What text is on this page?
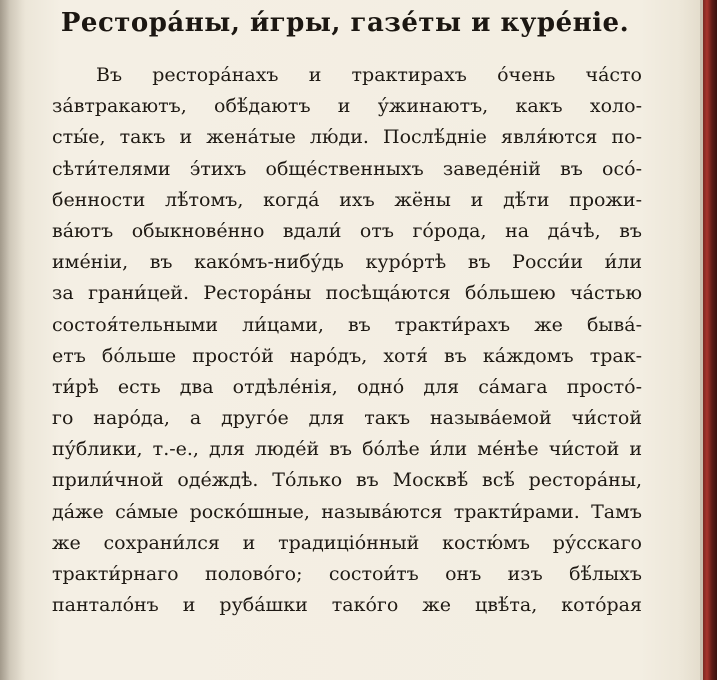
Рестора́ны, и́гры, газе́ты и куре́ніе.
Въ рестора́нахъ и трактирахъ о́чень ча́сто
за́втракаютъ, обѣ́даютъ и у́жинаютъ, какъ холо-
сты́е, такъ и жена́тые лю́ди. Послѣ́дніе явля́ются по-
сѣти́телями э́тихъ обще́ственныхъ заведе́ній въ осо́-
бенности лѣ́томъ, когда́ ихъ жёны и дѣ́ти прожи-
ва́ютъ обыкнове́нно вдали́ отъ го́рода, на да́чѣ, въ
име́ніи, въ како́мъ-нибу́дь куро́ртѣ въ Росси́и и́ли
за грани́цей. Рестора́ны посѣща́ются бо́льшею ча́стью
состоя́тельными ли́цами, въ тракти́рахъ же быва́-
етъ бо́льше просто́й наро́дъ, хотя́ въ ка́ждомъ трак-
ти́рѣ есть два отдѣле́нія, одно́ для са́мага просто́-
го наро́да, а друго́е для такъ называ́емой чи́стой
пу́блики, т.-е., для люде́й въ бо́лѣе и́ли ме́нѣе чи́стой и
прили́чной оде́ждѣ. То́лько въ Москвѣ́ всѣ́ рестора́ны,
да́же са́мые роско́шные, называ́ются тракти́рами. Тамъ
же сохрани́лся и традиціо́нный костю́мъ ру́сскаго
тракти́рнаго полово́го; состои́тъ онъ изъ бѣ́лыхъ
пантало́нъ и руба́шки тако́го же цвѣ́та, кото́рая
